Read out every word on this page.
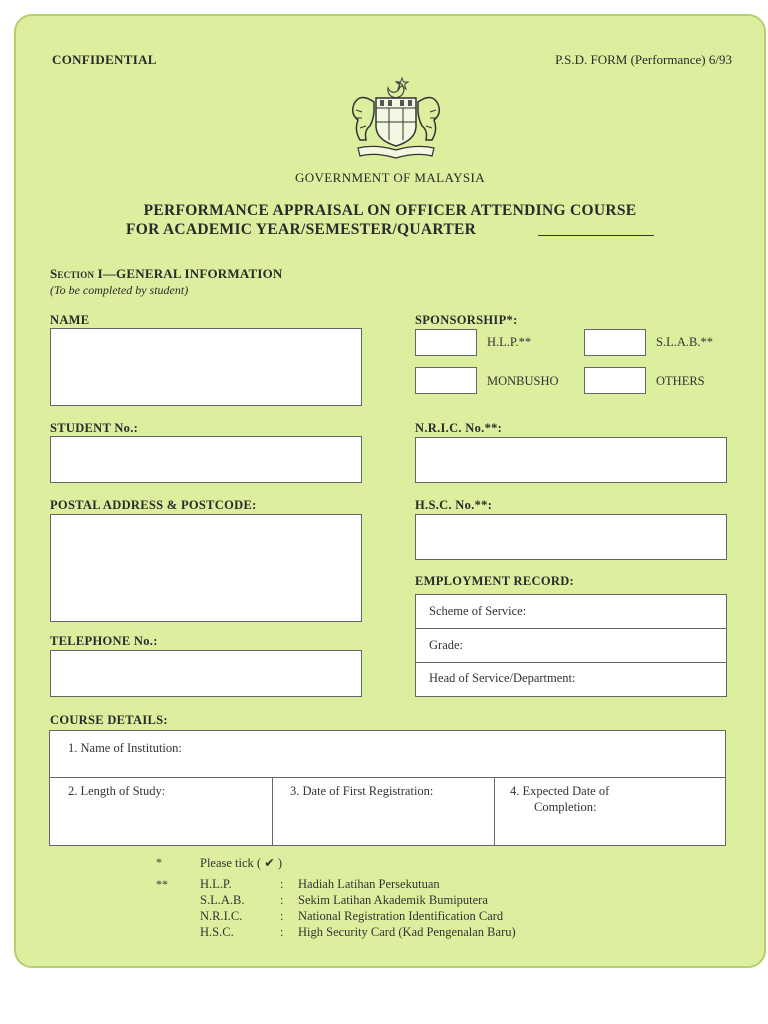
CONFIDENTIAL	P.S.D. FORM (Performance) 6/93
GOVERNMENT OF MALAYSIA
PERFORMANCE APPRAISAL ON OFFICER ATTENDING COURSE
FOR ACADEMIC YEAR/SEMESTER/QUARTER
Section I—GENERAL INFORMATION
(To be completed by student)
NAME
STUDENT No.:
POSTAL ADDRESS & POSTCODE:
TELEPHONE No.:
SPONSORSHIP*:
H.L.P.**	S.L.A.B.**
MONBUSHO	OTHERS
N.R.I.C. No.**:
H.S.C. No.**:
EMPLOYMENT RECORD:
Scheme of Service:
Grade:
Head of Service/Department:
COURSE DETAILS:
1. Name of Institution:
2. Length of Study:	3. Date of First Registration:	4. Expected Date of
Completion:
*	Please tick ( ✔ )
**	H.L.P.	: Hadiah Latihan Persekutuan
S.L.A.B.	: Sekim Latihan Akademik Bumiputera
N.R.I.C.	: National Registration Identification Card
H.S.C.	: High Security Card (Kad Pengenalan Baru)
